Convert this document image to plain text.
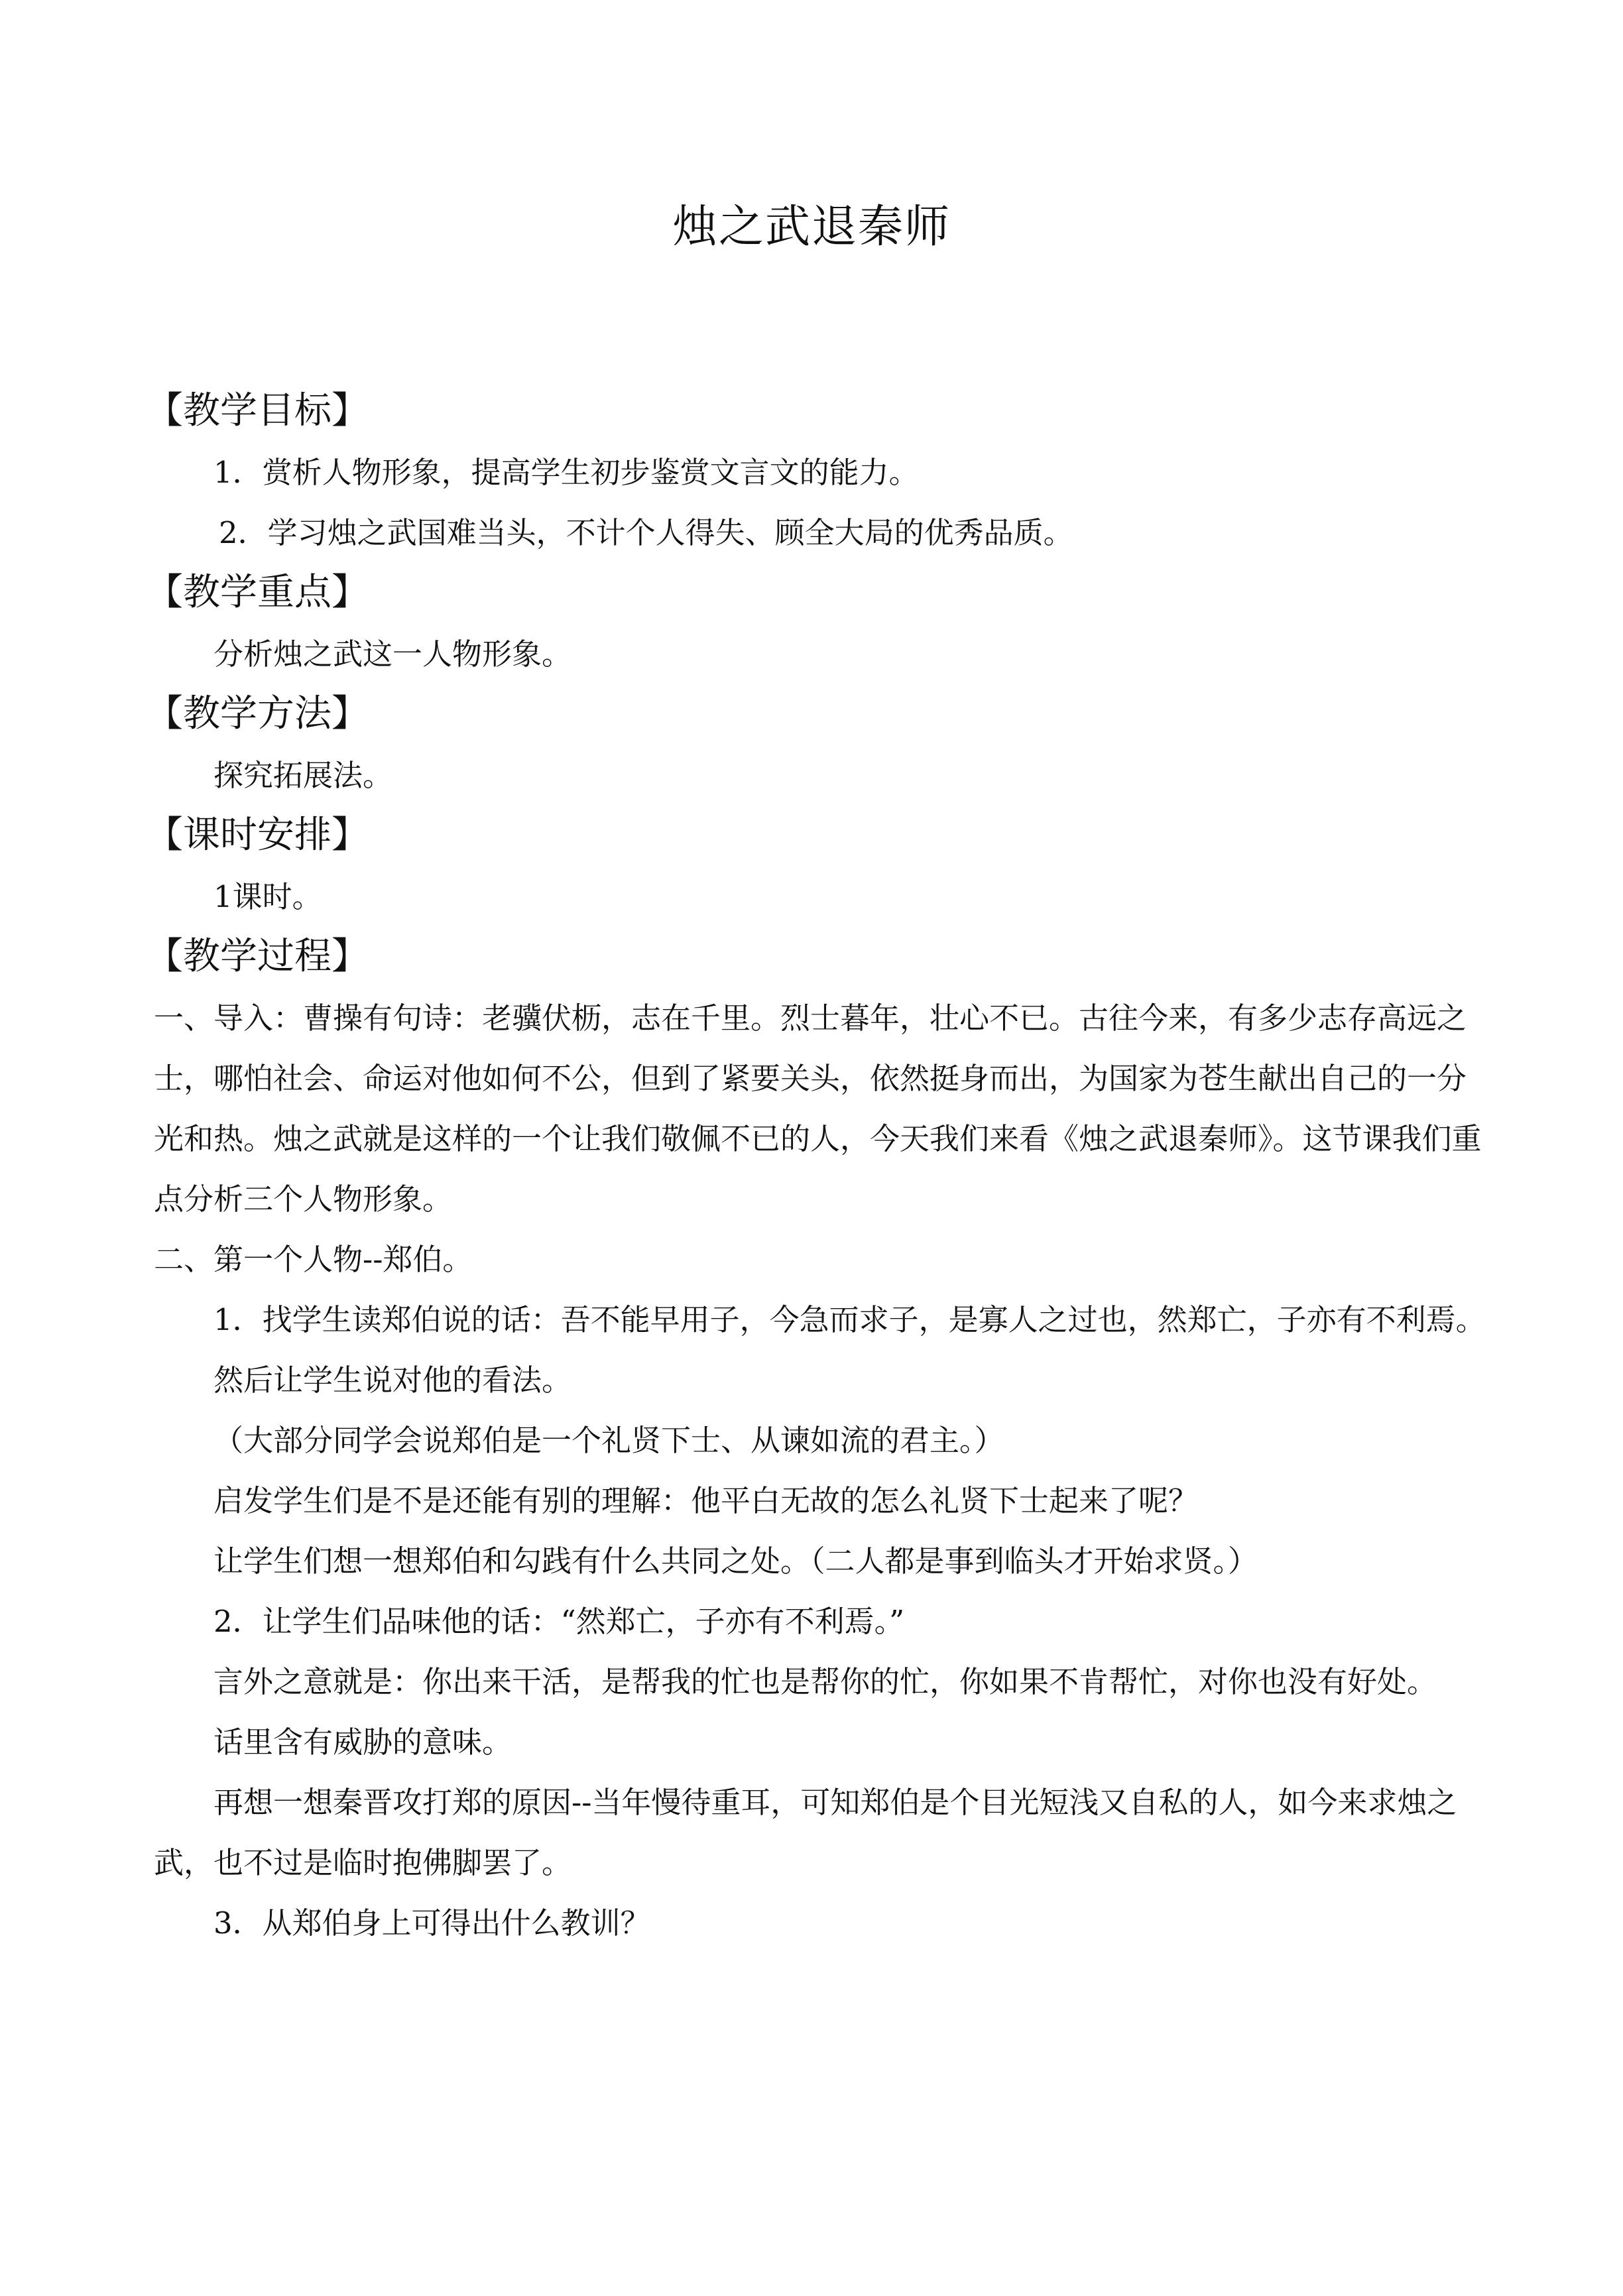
烛之武退秦师
【教学目标】

1．赏析人物形象，提高学生初步鉴赏文言文的能力。

2．学习烛之武国难当头，不计个人得失、顾全大局的优秀品质。

【教学重点】

分析烛之武这一人物形象。

【教学方法】

探究拓展法。

【课时安排】

1课时。

【教学过程】

一、导入：曹操有句诗：老骥伏枥，志在千里。烈士暮年，壮心不已。古往今来，有多少志存高远之士，哪怕社会、命运对他如何不公，但到了紧要关头，依然挺身而出，为国家为苍生献出自己的一分光和热。烛之武就是这样的一个让我们敬佩不已的人，今天我们来看《烛之武退秦师》。这节课我们重点分析三个人物形象。

二、第一个人物--郑伯。

1．找学生读郑伯说的话：吾不能早用子，今急而求子，是寡人之过也，然郑亡，子亦有不利焉。

然后让学生说对他的看法。

（大部分同学会说郑伯是一个礼贤下士、从谏如流的君主。）

启发学生们是不是还能有别的理解：他平白无故的怎么礼贤下士起来了呢？

让学生们想一想郑伯和勾践有什么共同之处。（二人都是事到临头才开始求贤。）

2．让学生们品味他的话：“然郑亡，子亦有不利焉。”

言外之意就是：你出来干活，是帮我的忙也是帮你的忙，你如果不肯帮忙，对你也没有好处。

话里含有威胁的意味。

再想一想秦晋攻打郑的原因--当年慢待重耳，可知郑伯是个目光短浅又自私的人，如今来求烛之武，也不过是临时抱佛脚罢了。

3．从郑伯身上可得出什么教训？
